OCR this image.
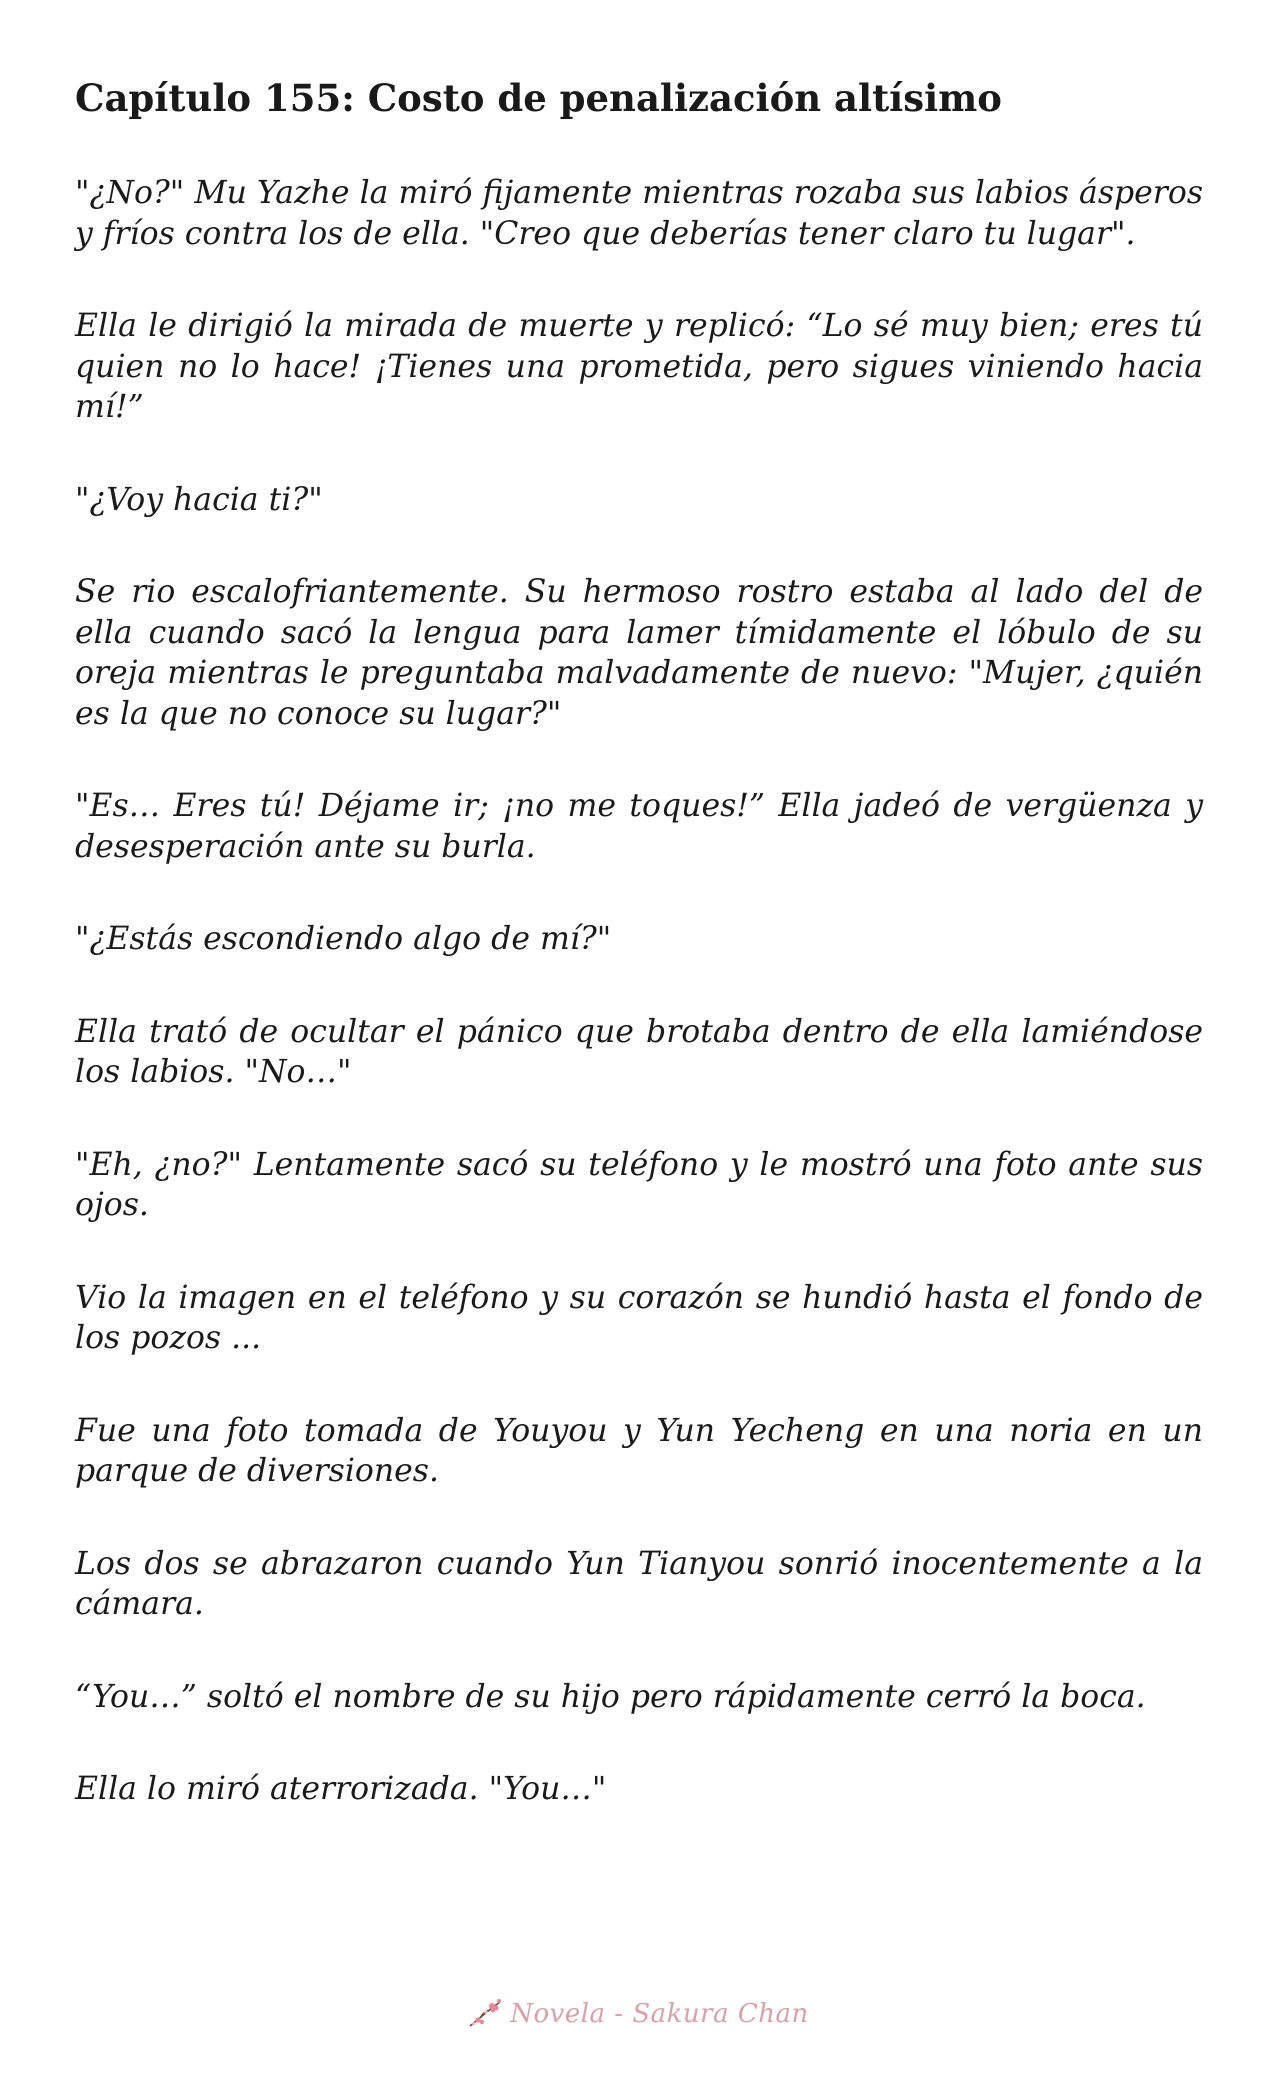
Capítulo 155: Costo de penalización altísimo

"¿No?" Mu Yazhe la miró fijamente mientras rozaba sus labios ásperos y fríos contra los de ella. "Creo que deberías tener claro tu lugar".

Ella le dirigió la mirada de muerte y replicó: “Lo sé muy bien; eres tú quien no lo hace! ¡Tienes una prometida, pero sigues viniendo hacia mí!”

"¿Voy hacia ti?"

Se rio escalofriantemente. Su hermoso rostro estaba al lado del de ella cuando sacó la lengua para lamer tímidamente el lóbulo de su oreja mientras le preguntaba malvadamente de nuevo: "Mujer, ¿quién es la que no conoce su lugar?"

"Es… Eres tú! Déjame ir; ¡no me toques!” Ella jadeó de vergüenza y desesperación ante su burla.

"¿Estás escondiendo algo de mí?"

Ella trató de ocultar el pánico que brotaba dentro de ella lamiéndose los labios. "No…"

"Eh, ¿no?" Lentamente sacó su teléfono y le mostró una foto ante sus ojos.

Vio la imagen en el teléfono y su corazón se hundió hasta el fondo de los pozos ...

Fue una foto tomada de Youyou y Yun Yecheng en una noria en un parque de diversiones.

Los dos se abrazaron cuando Yun Tianyou sonrió inocentemente a la cámara.

“You…” soltó el nombre de su hijo pero rápidamente cerró la boca.

Ella lo miró aterrorizada. "You…"

Novela - Sakura Chan
